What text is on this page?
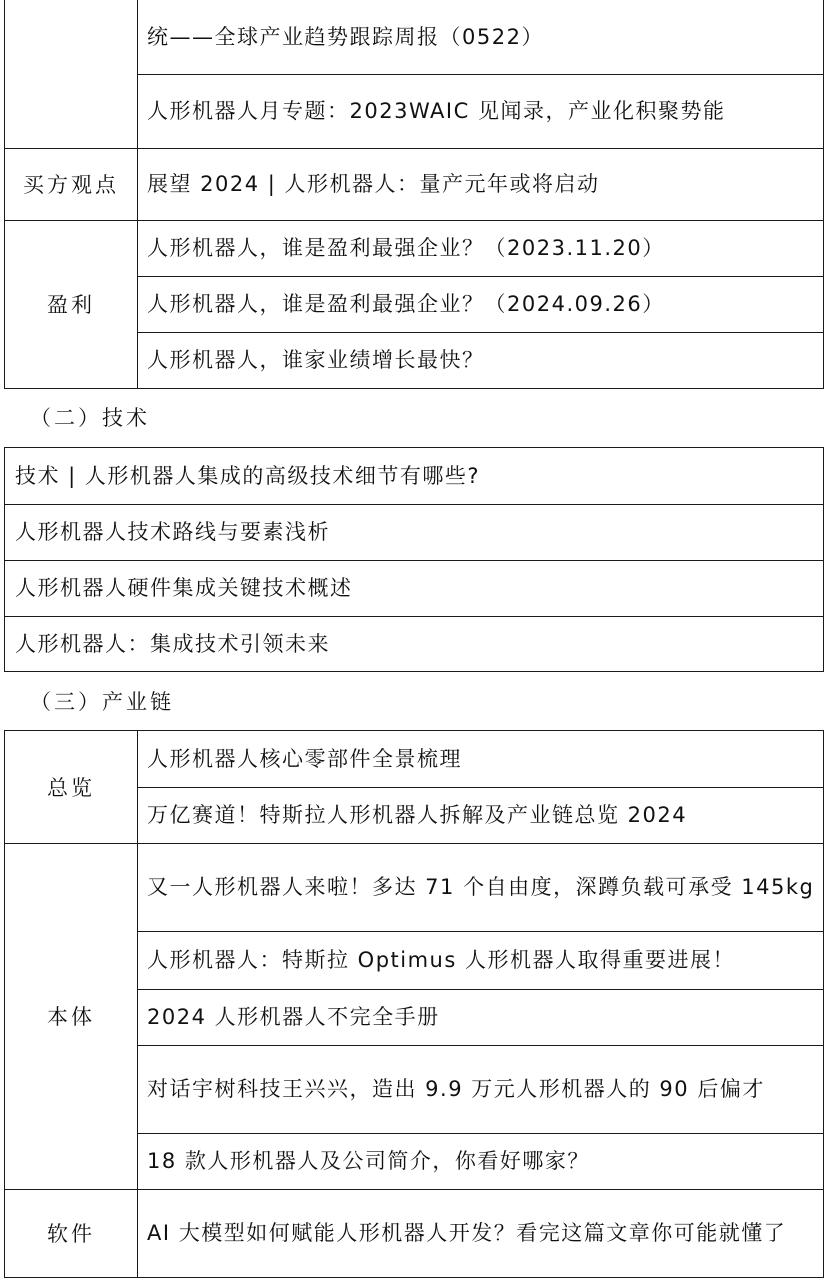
统——全球产业趋势跟踪周报（0522）
人形机器人月专题：2023WAIC 见闻录，产业化积聚势能
买方观点	展望 2024 | 人形机器人：量产元年或将启动
盈利
人形机器人，谁是盈利最强企业？（2023.11.20）
人形机器人，谁是盈利最强企业？（2024.09.26）
人形机器人，谁家业绩增长最快？
（二）技术
技术 | 人形机器人集成的高级技术细节有哪些?
人形机器人技术路线与要素浅析
人形机器人硬件集成关键技术概述
人形机器人：集成技术引领未来
（三）产业链
总览
人形机器人核心零部件全景梳理
万亿赛道！特斯拉人形机器人拆解及产业链总览 2024
本体
又一人形机器人来啦！多达 71 个自由度，深蹲负载可承受 145kg
人形机器人：特斯拉 Optimus 人形机器人取得重要进展！
2024 人形机器人不完全手册
对话宇树科技王兴兴，造出 9.9 万元人形机器人的 90 后偏才
18 款人形机器人及公司简介，你看好哪家？
软件	AI 大模型如何赋能人形机器人开发？看完这篇文章你可能就懂了
